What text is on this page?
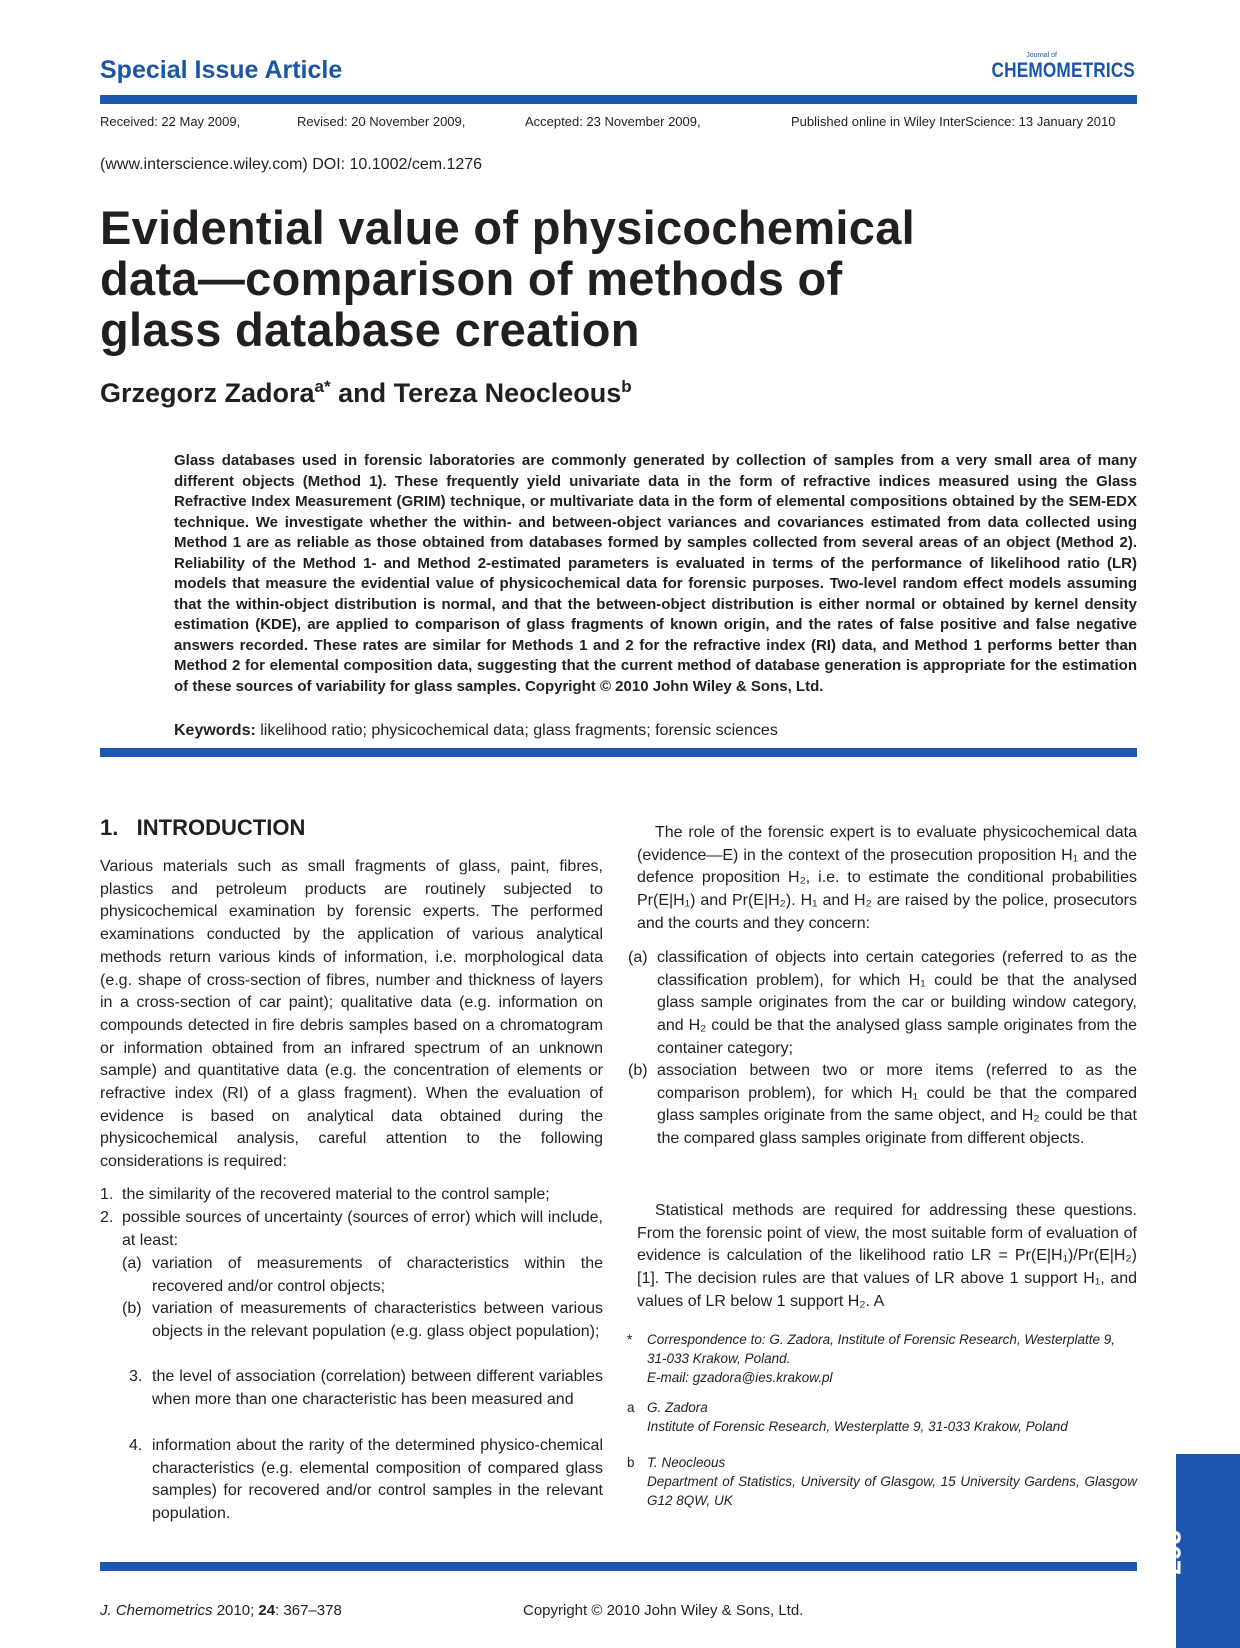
Special Issue Article
Journal of
CHEMOMETRICS
Received: 22 May 2009,	Revised: 20 November 2009,	Accepted: 23 November 2009,	Published online in Wiley InterScience: 13 January 2010
(www.interscience.wiley.com) DOI: 10.1002/cem.1276
Evidential value of physicochemical
data—comparison of methods of
glass database creation
Grzegorz Zadora$^{a*}$ and Tereza Neocleous$^b$
Glass databases used in forensic laboratories are commonly generated by collection of samples from a very small area of many different objects (Method 1). These frequently yield univariate data in the form of refractive indices measured using the Glass Refractive Index Measurement (GRIM) technique, or multivariate data in the form of elemental compositions obtained by the SEM-EDX technique. We investigate whether the within- and between-object variances and covariances estimated from data collected using Method 1 are as reliable as those obtained from databases formed by samples collected from several areas of an object (Method 2). Reliability of the Method 1- and Method 2-estimated parameters is evaluated in terms of the performance of likelihood ratio (LR) models that measure the evidential value of physicochemical data for forensic purposes. Two-level random effect models assuming that the within-object distribution is normal, and that the between-object distribution is either normal or obtained by kernel density estimation (KDE), are applied to comparison of glass fragments of known origin, and the rates of false positive and false negative answers recorded. These rates are similar for Methods 1 and 2 for the refractive index (RI) data, and Method 1 performs better than Method 2 for elemental composition data, suggesting that the current method of database generation is appropriate for the estimation of these sources of variability for glass samples. Copyright © 2010 John Wiley & Sons, Ltd.
Keywords: likelihood ratio; physicochemical data; glass fragments; forensic sciences
1.   INTRODUCTION
Various materials such as small fragments of glass, paint, fibres, plastics and petroleum products are routinely subjected to physicochemical examination by forensic experts. The performed examinations conducted by the application of various analytical methods return various kinds of information, i.e. morphological data (e.g. shape of cross-section of fibres, number and thickness of layers in a cross-section of car paint); qualitative data (e.g. information on compounds detected in fire debris samples based on a chromatogram or information obtained from an infrared spectrum of an unknown sample) and quantitative data (e.g. the concentration of elements or refractive index (RI) of a glass fragment). When the evaluation of evidence is based on analytical data obtained during the physicochemical analysis, careful attention to the following considerations is required:
1. the similarity of the recovered material to the control sample;
2. possible sources of uncertainty (sources of error) which will include, at least:
(a) variation of measurements of characteristics within the recovered and/or control objects;
(b) variation of measurements of characteristics between various objects in the relevant population (e.g. glass object population);
3. the level of association (correlation) between different variables when more than one characteristic has been measured and
4. information about the rarity of the determined physico-chemical characteristics (e.g. elemental composition of compared glass samples) for recovered and/or control samples in the relevant population.
The role of the forensic expert is to evaluate physicochemical data (evidence—E) in the context of the prosecution proposition H₁ and the defence proposition H₂, i.e. to estimate the conditional probabilities Pr(E|H₁) and Pr(E|H₂). H₁ and H₂ are raised by the police, prosecutors and the courts and they concern:
(a) classification of objects into certain categories (referred to as the classification problem), for which H₁ could be that the analysed glass sample originates from the car or building window category, and H₂ could be that the analysed glass sample originates from the container category;
(b) association between two or more items (referred to as the comparison problem), for which H₁ could be that the compared glass samples originate from the same object, and H₂ could be that the compared glass samples originate from different objects.
Statistical methods are required for addressing these questions. From the forensic point of view, the most suitable form of evaluation of evidence is calculation of the likelihood ratio LR = Pr(E|H₁)/Pr(E|H₂) [1]. The decision rules are that values of LR above 1 support H₁, and values of LR below 1 support H₂. A
* Correspondence to: G. Zadora, Institute of Forensic Research, Westerplatte 9, 31-033 Krakow, Poland.
E-mail: gzadora@ies.krakow.pl
a G. Zadora
Institute of Forensic Research, Westerplatte 9, 31-033 Krakow, Poland
b T. Neocleous
Department of Statistics, University of Glasgow, 15 University Gardens, Glasgow G12 8QW, UK
J. Chemometrics 2010; 24: 367–378	Copyright © 2010 John Wiley & Sons, Ltd.
367
